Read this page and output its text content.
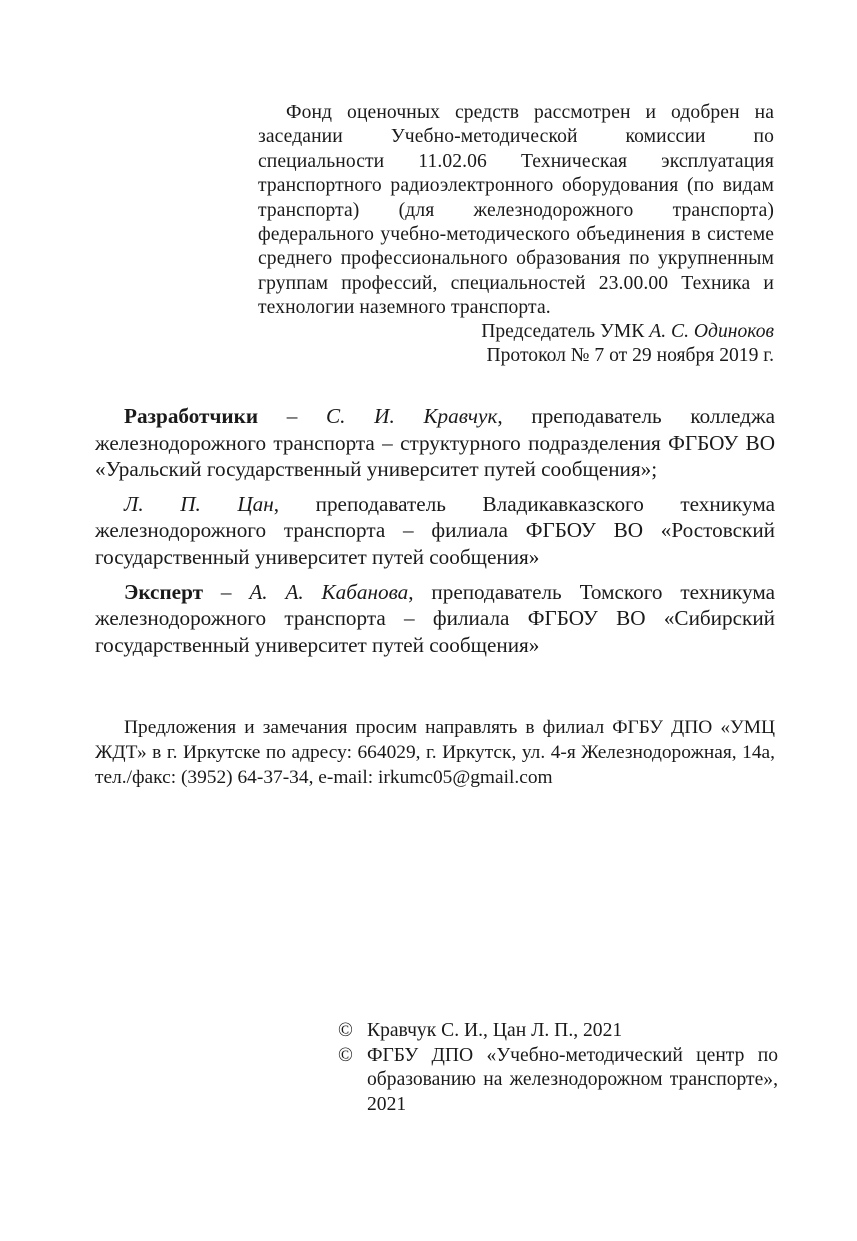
Фонд оценочных средств рассмотрен и одобрен на заседании Учебно-методической комиссии по специальности 11.02.06 Техническая эксплуатация транспортного радиоэлектронного оборудования (по видам транспорта) (для железнодорожного транспорта) федерального учебно-методического объединения в системе среднего профессионального образования по укрупненным группам профессий, специальностей 23.00.00 Техника и технологии наземного транспорта.
Председатель УМК А. С. Одиноков
Протокол № 7 от 29 ноября 2019 г.

Разработчики – С. И. Кравчук, преподаватель колледжа железнодорожного транспорта – структурного подразделения ФГБОУ ВО «Уральский государственный университет путей сообщения»;

Л. П. Цан, преподаватель Владикавказского техникума железнодорожного транспорта – филиала ФГБОУ ВО «Ростовский государственный университет путей сообщения»

Эксперт – А. А. Кабанова, преподаватель Томского техникума железнодорожного транспорта – филиала ФГБОУ ВО «Сибирский государственный университет путей сообщения»

Предложения и замечания просим направлять в филиал ФГБУ ДПО «УМЦ ЖДТ» в г. Иркутске по адресу: 664029, г. Иркутск, ул. 4-я Железнодорожная, 14а, тел./факс: (3952) 64-37-34, e-mail: irkumc05@gmail.com
© Кравчук С. И., Цан Л. П., 2021
© ФГБУ ДПО «Учебно-методический центр по образованию на железнодорожном транспорте», 2021
